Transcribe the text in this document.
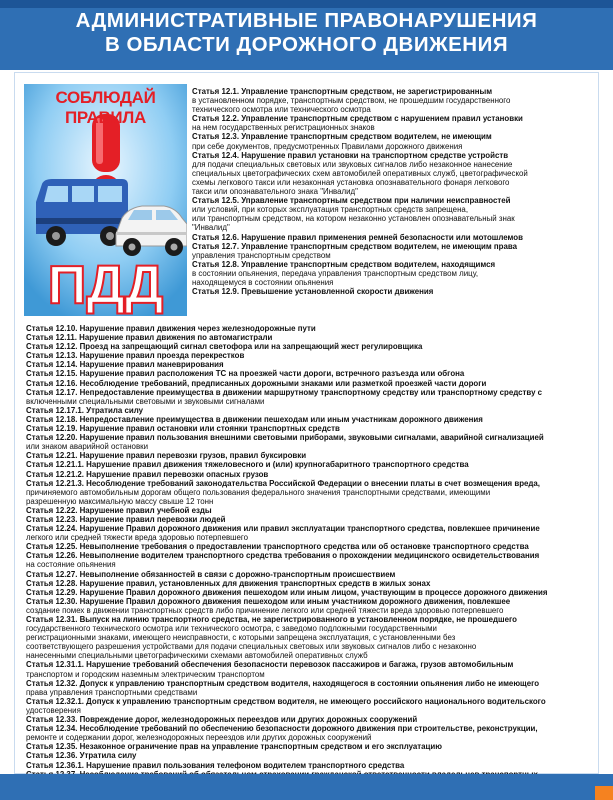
АДМИНИСТРАТИВНЫЕ ПРАВОНАРУШЕНИЯ
В ОБЛАСТИ ДОРОЖНОГО ДВИЖЕНИЯ
СОБЛЮДАЙ ПРАВИЛА
ПДД

Статья 12.1. Управление транспортным средством, не зарегистрированным

в установленном порядке, транспортным средством, не прошедшим государственного

технического осмотра или технического осмотра

Статья 12.2. Управление транспортным средством с нарушением правил установки

на нем государственных регистрационных знаков

Статья 12.3. Управление транспортным средством водителем, не имеющим

при себе документов, предусмотренных Правилами дорожного движения

Статья 12.4. Нарушение правил установки на транспортном средстве устройств

для подачи специальных световых или звуковых сигналов либо незаконное нанесение

специальных цветографических схем автомобилей оперативных служб, цветографической

схемы легкового такси или незаконная установка опознавательного фонаря легкового

такси или опознавательного знака "Инвалид"

Статья 12.5. Управление транспортным средством при наличии неисправностей

или условий, при которых эксплуатация транспортных средств запрещена,

или транспортным средством, на котором незаконно установлен опознавательный знак

"Инвалид"

Статья 12.6. Нарушение правил применения ремней безопасности или мотошлемов

Статья 12.7. Управление транспортным средством водителем, не имеющим права

управления транспортным средством

Статья 12.8. Управление транспортным средством водителем, находящимся

в состоянии опьянения, передача управления транспортным средством лицу,

находящемуся в состоянии опьянения

Статья 12.9. Превышение установленной скорости движения

Статья 12.10. Нарушение правил движения через железнодорожные пути

Статья 12.11. Нарушение правил движения по автомагистрали

Статья 12.12. Проезд на запрещающий сигнал светофора или на запрещающий жест регулировщика

Статья 12.13. Нарушение правил проезда перекрестков

Статья 12.14. Нарушение правил маневрирования

Статья 12.15. Нарушение правил расположения ТС на проезжей части дороги, встречного разъезда или обгона

Статья 12.16. Несоблюдение требований, предписанных дорожными знаками или разметкой проезжей части дороги

Статья 12.17. Непредоставление преимущества в движении маршрутному транспортному средству или транспортному средству с

включенными специальными световыми и звуковыми сигналами

Статья 12.17.1. Утратила силу

Статья 12.18. Непредоставление преимущества в движении пешеходам или иным участникам дорожного движения

Статья 12.19. Нарушение правил остановки или стоянки транспортных средств

Статья 12.20. Нарушение правил пользования внешними световыми приборами, звуковыми сигналами, аварийной сигнализацией

или знаком аварийной остановки

Статья 12.21. Нарушение правил перевозки грузов, правил буксировки

Статья 12.21.1. Нарушение правил движения тяжеловесного и (или) крупногабаритного транспортного средства

Статья 12.21.2. Нарушение правил перевозки опасных грузов

Статья 12.21.3. Несоблюдение требований законодательства Российской Федерации о внесении платы в счет возмещения вреда,

причиняемого автомобильным дорогам общего пользования федерального значения транспортными средствами, имеющими

разрешенную максимальную массу свыше 12 тонн

Статья 12.22. Нарушение правил учебной езды

Статья 12.23. Нарушение правил перевозки людей

Статья 12.24. Нарушение Правил дорожного движения или правил эксплуатации транспортного средства, повлекшее причинение

легкого или средней тяжести вреда здоровью потерпевшего

Статья 12.25. Невыполнение требования о предоставлении транспортного средства или об остановке транспортного средства

Статья 12.26. Невыполнение водителем транспортного средства требования о прохождении медицинского освидетельствования

на состояние опьянения

Статья 12.27. Невыполнение обязанностей в связи с дорожно-транспортным происшествием

Статья 12.28. Нарушение правил, установленных для движения транспортных средств в жилых зонах

Статья 12.29. Нарушение Правил дорожного движения пешеходом или иным лицом, участвующим в процессе дорожного движения

Статья 12.30. Нарушение Правил дорожного движения пешеходом или иным участником дорожного движения, повлекшее

создание помех в движении транспортных средств либо причинение легкого или средней тяжести вреда здоровью потерпевшего

Статья 12.31. Выпуск на линию транспортного средства, не зарегистрированного в установленном порядке, не прошедшего

государственного технического осмотра или технического осмотра, с заведомо подложными государственными

регистрационными знаками, имеющего неисправности, с которыми запрещена эксплуатация, с установленными без

соответствующего разрешения устройствами для подачи специальных световых или звуковых сигналов либо с незаконно

нанесенными специальными цветографическими схемами автомобилей оперативных служб

Статья 12.31.1. Нарушение требований обеспечения безопасности перевозок пассажиров и багажа, грузов автомобильным

транспортом и городским наземным электрическим транспортом

Статья 12.32. Допуск к управлению транспортным средством водителя, находящегося в состоянии опьянения либо не имеющего

права управления транспортными средствами

Статья 12.32.1. Допуск к управлению транспортным средством водителя, не имеющего российского национального водительского

удостоверения

Статья 12.33. Повреждение дорог, железнодорожных переездов или других дорожных сооружений

Статья 12.34. Несоблюдение требований по обеспечению безопасности дорожного движения при строительстве, реконструкции,

ремонте и содержании дорог, железнодорожных переездов или других дорожных сооружений

Статья 12.35. Незаконное ограничение прав на управление транспортным средством и его эксплуатацию

Статья 12.36. Утратила силу

Статья 12.36.1. Нарушение правил пользования телефоном водителем транспортного средства
